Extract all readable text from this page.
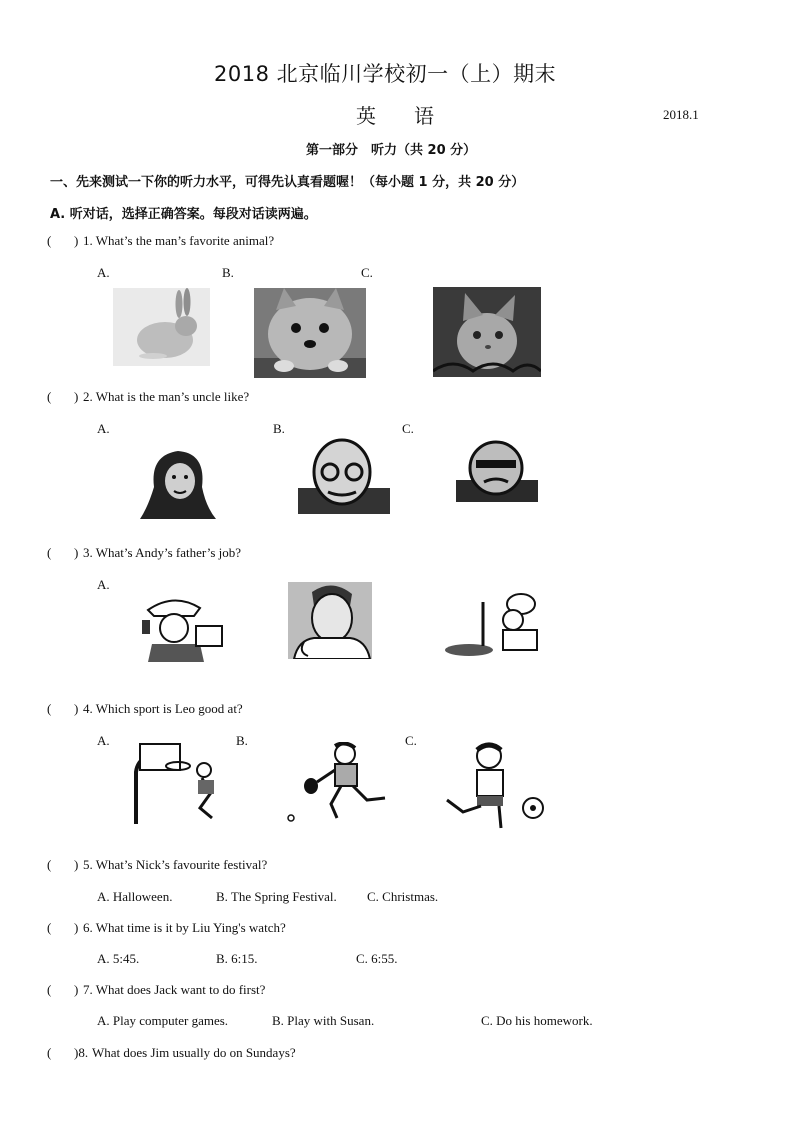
2018 北京临川学校初一（上）期末
英语	2018.1
第一部分　听力（共 20 分）
一、先来测试一下你的听力水平，可得先认真看题喔！（每小题 1 分，共 20 分）
A. 听对话，选择正确答案。每段对话读两遍。
( ) 1. What’s the man’s favorite animal?
A.	B.	C.
( ) 2. What is the man’s uncle like?
A.	B.	C.
( ) 3. What’s Andy’s father’s job?
A.
( ) 4. Which sport is Leo good at?
A.	B.	C.
( ) 5. What’s Nick’s favourite festival?
A. Halloween.	B. The Spring Festival. C. Christmas.
( ) 6. What time is it by Liu Ying's watch?
A. 5:45.	B. 6:15.	C. 6:55.
( ) 7. What does Jack want to do first?
A. Play computer games.	B. Play with Susan.	C. Do his homework.
( )8. What does Jim usually do on Sundays?
